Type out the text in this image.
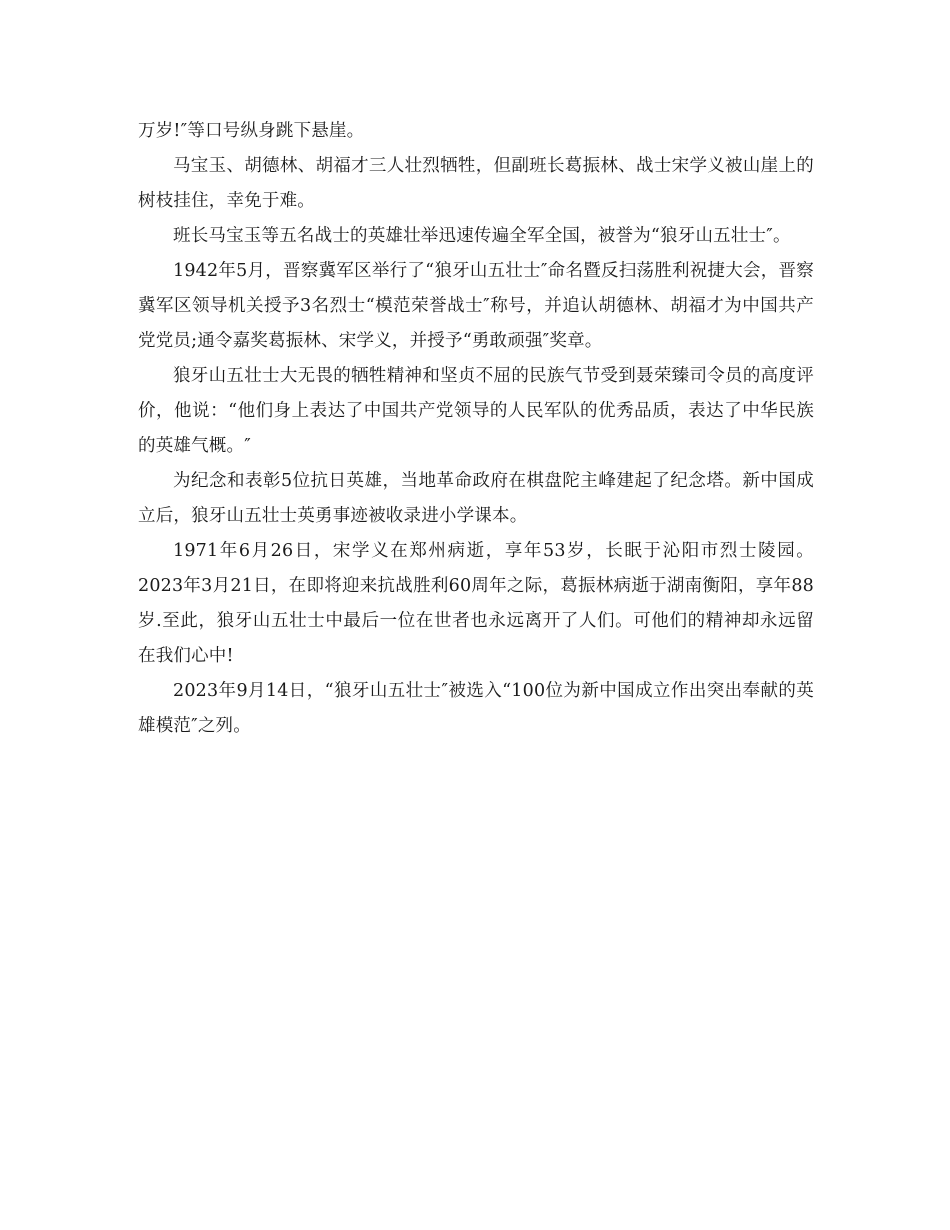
万岁!″等口号纵身跳下悬崖。

马宝玉、胡德林、胡福才三人壮烈牺牲，但副班长葛振林、战士宋学义被山崖上的树枝挂住，幸免于难。

班长马宝玉等五名战士的英雄壮举迅速传遍全军全国，被誉为“狼牙山五壮士″。

1942年5月，晋察冀军区举行了“狼牙山五壮士″命名暨反扫荡胜利祝捷大会，晋察冀军区领导机关授予3名烈士“模范荣誉战士″称号，并追认胡德林、胡福才为中国共产党党员;通令嘉奖葛振林、宋学义，并授予“勇敢顽强″奖章。

狼牙山五壮士大无畏的牺牲精神和坚贞不屈的民族气节受到聂荣臻司令员的高度评价，他说：“他们身上表达了中国共产党领导的人民军队的优秀品质，表达了中华民族的英雄气概。″

为纪念和表彰5位抗日英雄，当地革命政府在棋盘陀主峰建起了纪念塔。新中国成立后，狼牙山五壮士英勇事迹被收录进小学课本。

1971年6月26日，宋学义在郑州病逝，享年53岁，长眠于沁阳市烈士陵园。2023年3月21日，在即将迎来抗战胜利60周年之际，葛振林病逝于湖南衡阳，享年88岁.至此，狼牙山五壮士中最后一位在世者也永远离开了人们。可他们的精神却永远留在我们心中!

2023年9月14日，“狼牙山五壮士″被选入“100位为新中国成立作出突出奉献的英雄模范″之列。
